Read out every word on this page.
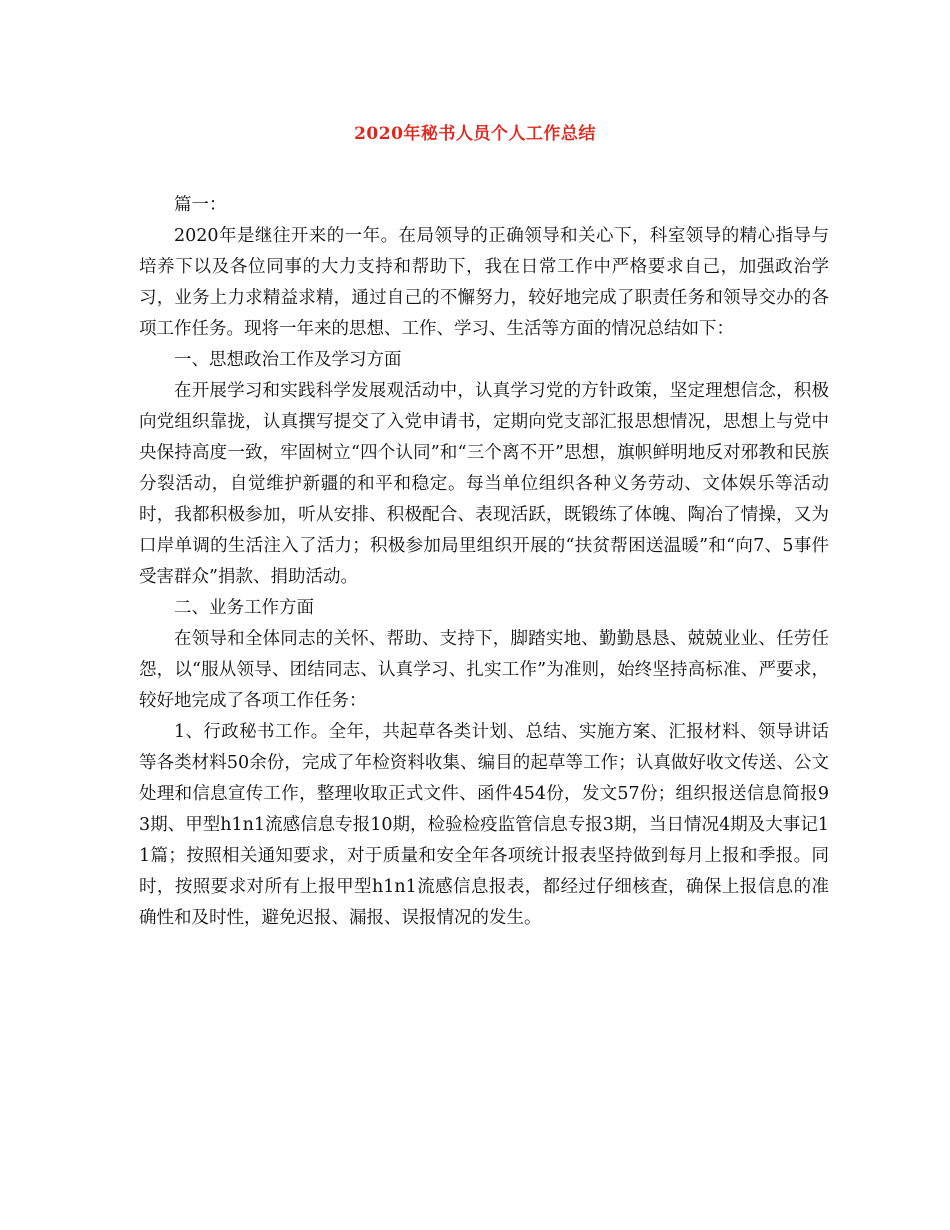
2020年秘书人员个人工作总结

篇一：

2020年是继往开来的一年。在局领导的正确领导和关心下，科室领导的精心指导与培养下以及各位同事的大力支持和帮助下，我在日常工作中严格要求自己，加强政治学习，业务上力求精益求精，通过自己的不懈努力，较好地完成了职责任务和领导交办的各项工作任务。现将一年来的思想、工作、学习、生活等方面的情况总结如下：

一、思想政治工作及学习方面

在开展学习和实践科学发展观活动中，认真学习党的方针政策，坚定理想信念，积极向党组织靠拢，认真撰写提交了入党申请书，定期向党支部汇报思想情况，思想上与党中央保持高度一致，牢固树立“四个认同”和“三个离不开”思想，旗帜鲜明地反对邪教和民族分裂活动，自觉维护新疆的和平和稳定。每当单位组织各种义务劳动、文体娱乐等活动时，我都积极参加，听从安排、积极配合、表现活跃，既锻练了体魄、陶冶了情操，又为口岸单调的生活注入了活力；积极参加局里组织开展的“扶贫帮困送温暖”和“向7、5事件受害群众”捐款、捐助活动。

二、业务工作方面

在领导和全体同志的关怀、帮助、支持下，脚踏实地、勤勤恳恳、兢兢业业、任劳任怨，以“服从领导、团结同志、认真学习、扎实工作”为准则，始终坚持高标准、严要求，较好地完成了各项工作任务：

1、行政秘书工作。全年，共起草各类计划、总结、实施方案、汇报材料、领导讲话等各类材料50余份，完成了年检资料收集、编目的起草等工作；认真做好收文传送、公文处理和信息宣传工作，整理收取正式文件、函件454份，发文57份；组织报送信息简报93期、甲型h1n1流感信息专报10期，检验检疫监管信息专报3期，当日情况4期及大事记11篇；按照相关通知要求，对于质量和安全年各项统计报表坚持做到每月上报和季报。同时，按照要求对所有上报甲型h1n1流感信息报表，都经过仔细核查，确保上报信息的准确性和及时性，避免迟报、漏报、误报情况的发生。
